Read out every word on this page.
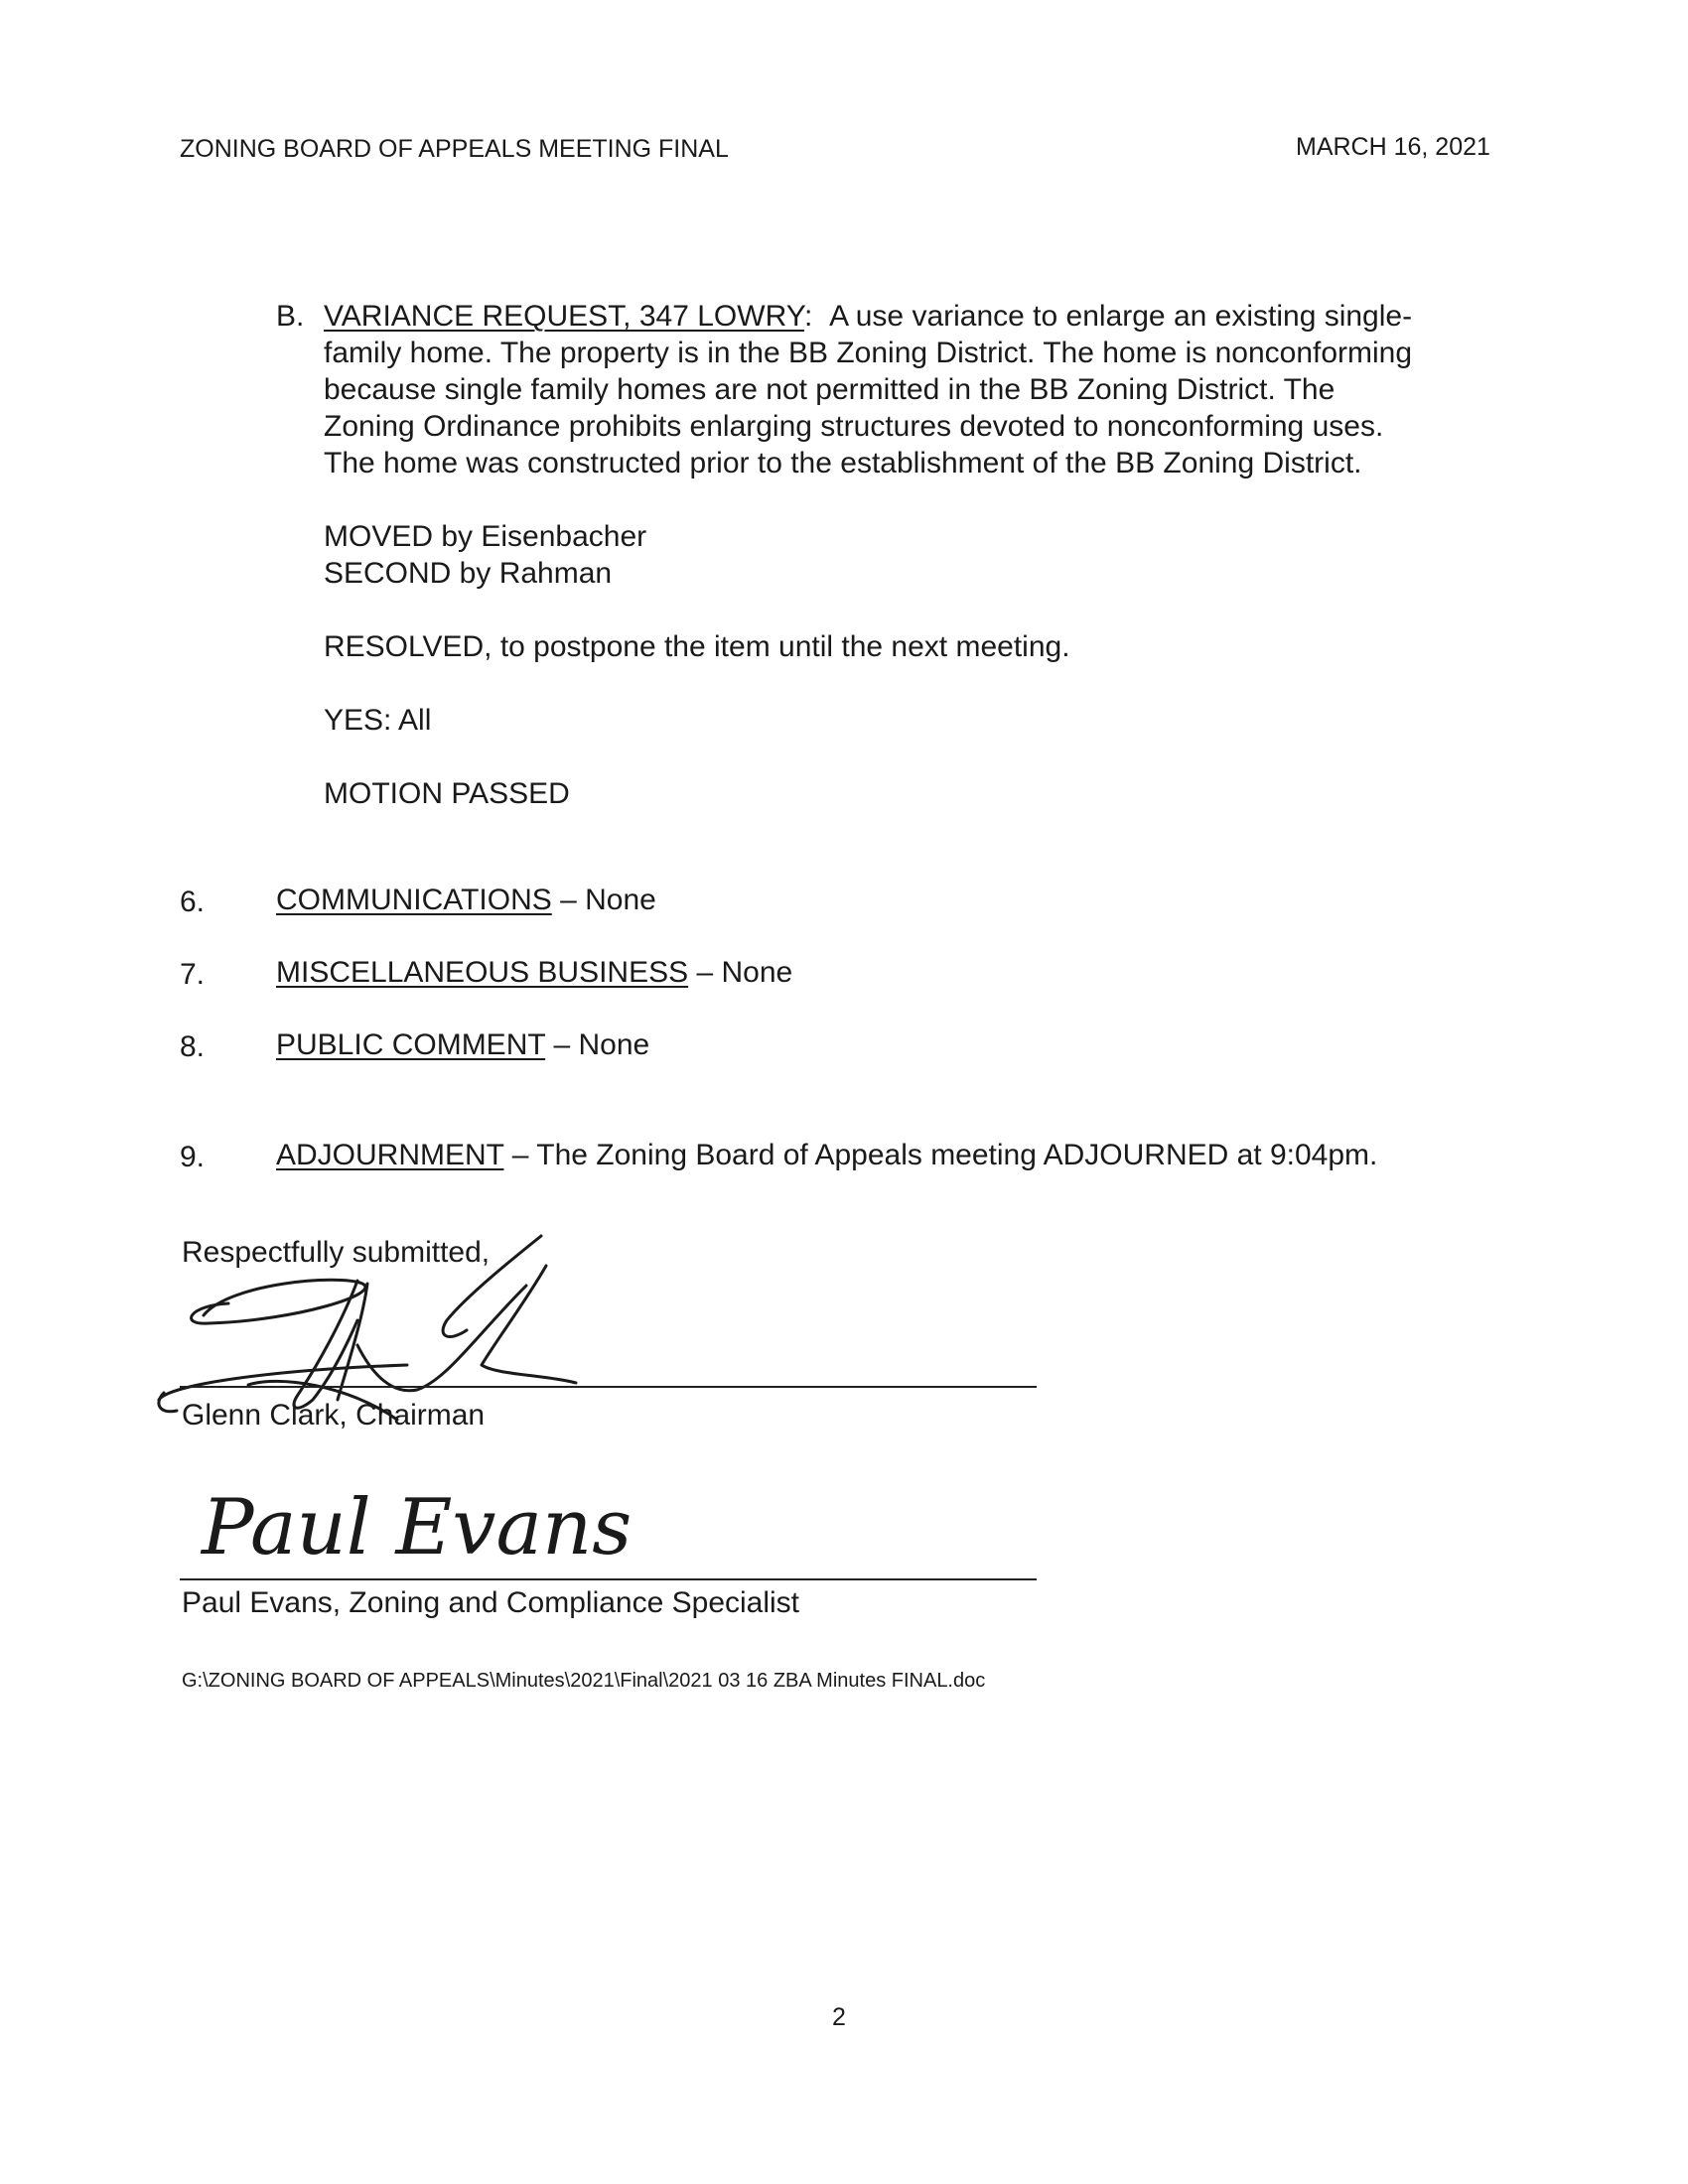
ZONING BOARD OF APPEALS MEETING FINAL	MARCH 16, 2021
B. VARIANCE REQUEST, 347 LOWRY: A use variance to enlarge an existing single-
family home. The property is in the BB Zoning District. The home is nonconforming
because single family homes are not permitted in the BB Zoning District. The
Zoning Ordinance prohibits enlarging structures devoted to nonconforming uses.
The home was constructed prior to the establishment of the BB Zoning District.
MOVED by Eisenbacher
SECOND by Rahman
RESOLVED, to postpone the item until the next meeting.
YES: All
MOTION PASSED
6. COMMUNICATIONS – None
7. MISCELLANEOUS BUSINESS – None
8. PUBLIC COMMENT – None
9. ADJOURNMENT – The Zoning Board of Appeals meeting ADJOURNED at 9:04pm.
Respectfully submitted,
Glenn Clark, Chairman
Paul Evans
Paul Evans, Zoning and Compliance Specialist
G:\ZONING BOARD OF APPEALS\Minutes\2021\Final\2021 03 16 ZBA Minutes FINAL.doc
2
